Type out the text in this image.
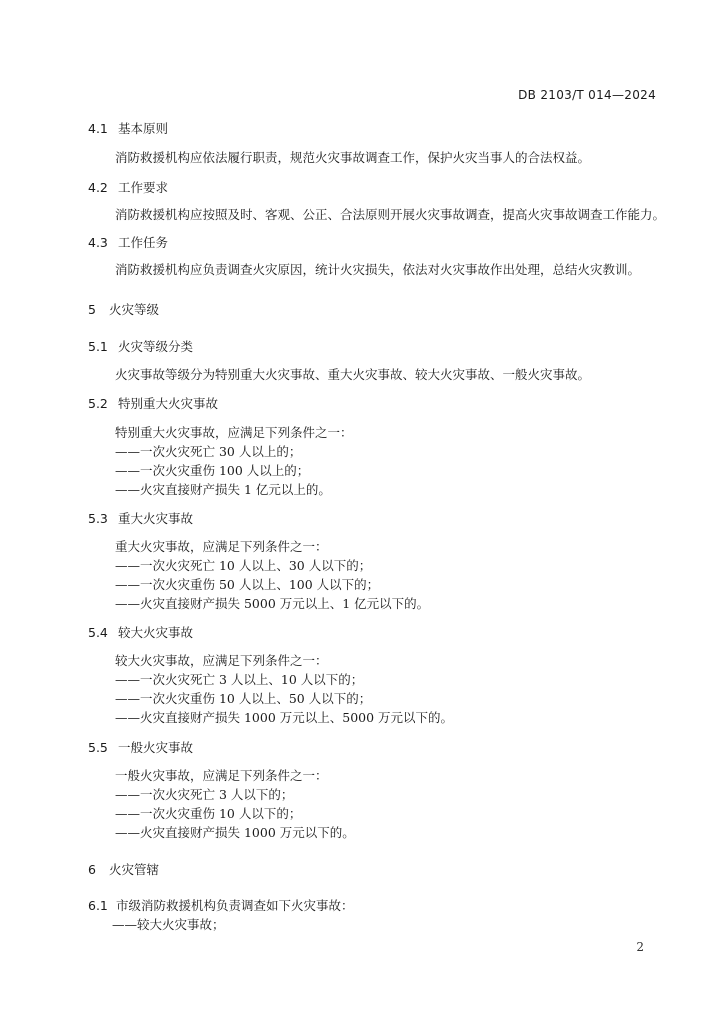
DB 2103/T 014—2024
4.1 基本原则
消防救援机构应依法履行职责，规范火灾事故调查工作，保护火灾当事人的合法权益。
4.2 工作要求
消防救援机构应按照及时、客观、公正、合法原则开展火灾事故调查，提高火灾事故调查工作能力。
4.3 工作任务
消防救援机构应负责调查火灾原因，统计火灾损失，依法对火灾事故作出处理，总结火灾教训。
5 火灾等级
5.1 火灾等级分类
火灾事故等级分为特别重大火灾事故、重大火灾事故、较大火灾事故、一般火灾事故。
5.2 特别重大火灾事故
特别重大火灾事故，应满足下列条件之一：
——一次火灾死亡 30 人以上的；
——一次火灾重伤 100 人以上的；
——火灾直接财产损失 1 亿元以上的。
5.3 重大火灾事故
重大火灾事故，应满足下列条件之一：
——一次火灾死亡 10 人以上、30 人以下的；
——一次火灾重伤 50 人以上、100 人以下的；
——火灾直接财产损失 5000 万元以上、1 亿元以下的。
5.4 较大火灾事故
较大火灾事故，应满足下列条件之一：
——一次火灾死亡 3 人以上、10 人以下的；
——一次火灾重伤 10 人以上、50 人以下的；
——火灾直接财产损失 1000 万元以上、5000 万元以下的。
5.5 一般火灾事故
一般火灾事故，应满足下列条件之一：
——一次火灾死亡 3 人以下的；
——一次火灾重伤 10 人以下的；
——火灾直接财产损失 1000 万元以下的。
6 火灾管辖
6.1 市级消防救援机构负责调查如下火灾事故：
——较大火灾事故；
2
